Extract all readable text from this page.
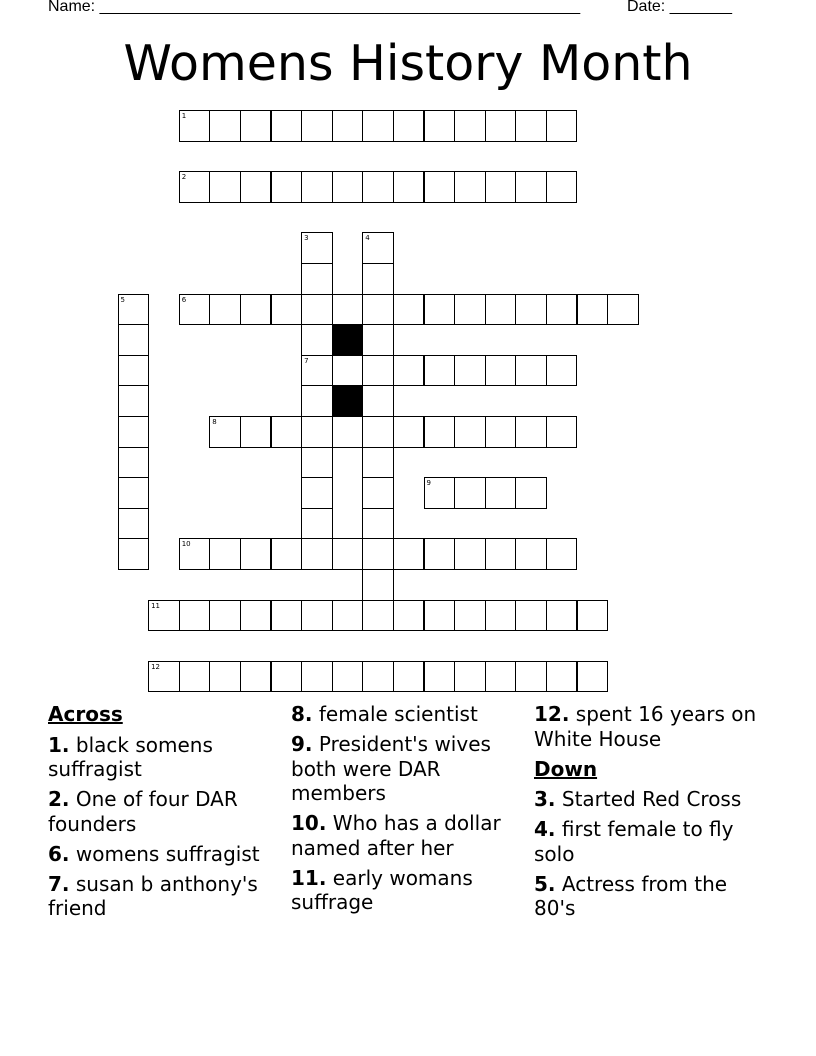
Name: ______________________________________________________	Date: _______
Womens History Month
1
2
3
7
4
5	6
8
9
10
11
12
Across
1. black somens suffragist
2. One of four DAR founders
6. womens suffragist
7. susan b anthony's friend
8. female scientist
9. President's wives both were DAR members
10. Who has a dollar named after her
11. early womans suffrage
12. spent 16 years on White House
Down
3. Started Red Cross
4. first female to fly solo
5. Actress from the 80's
